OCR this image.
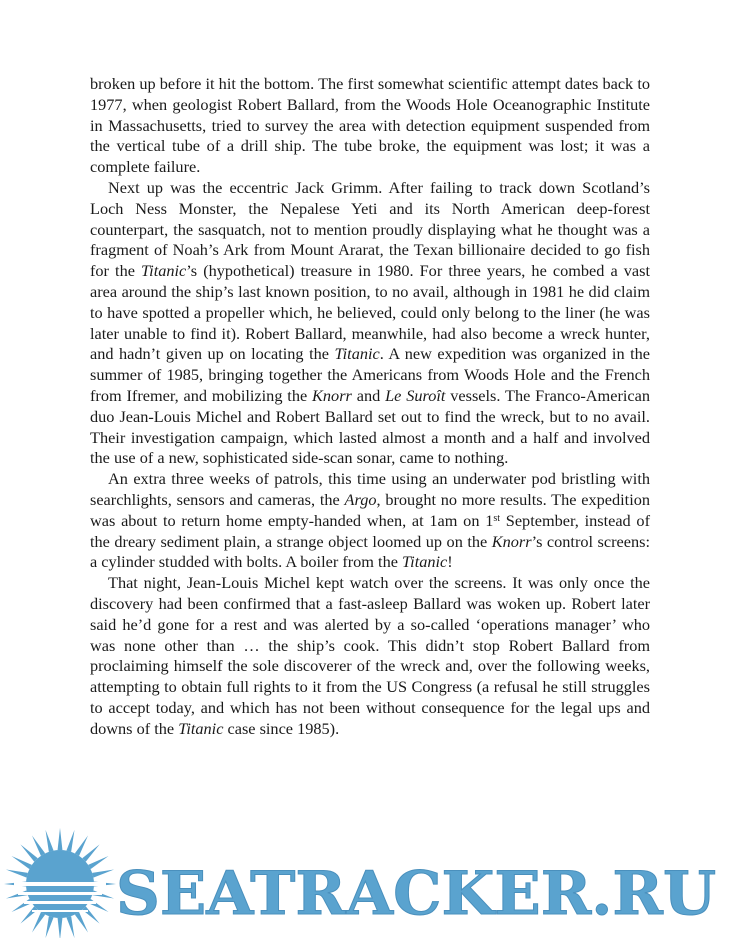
broken up before it hit the bottom. The first somewhat scientific attempt dates back to 1977, when geologist Robert Ballard, from the Woods Hole Oceanographic Institute in Massachusetts, tried to survey the area with detection equipment suspended from the vertical tube of a drill ship. The tube broke, the equipment was lost; it was a complete failure.

Next up was the eccentric Jack Grimm. After failing to track down Scotland’s Loch Ness Monster, the Nepalese Yeti and its North American deep-forest counterpart, the sasquatch, not to mention proudly displaying what he thought was a fragment of Noah’s Ark from Mount Ararat, the Texan billionaire decided to go fish for the Titanic’s (hypothetical) treasure in 1980. For three years, he combed a vast area around the ship’s last known position, to no avail, although in 1981 he did claim to have spotted a propeller which, he believed, could only belong to the liner (he was later unable to find it). Robert Ballard, meanwhile, had also become a wreck hunter, and hadn’t given up on locating the Titanic. A new expedition was organized in the summer of 1985, bringing together the Americans from Woods Hole and the French from Ifremer, and mobilizing the Knorr and Le Suroît vessels. The Franco-American duo Jean-Louis Michel and Robert Ballard set out to find the wreck, but to no avail. Their investigation campaign, which lasted almost a month and a half and involved the use of a new, sophisticated side-scan sonar, came to nothing.

An extra three weeks of patrols, this time using an underwater pod bristling with searchlights, sensors and cameras, the Argo, brought no more results. The expedition was about to return home empty-handed when, at 1am on 1st September, instead of the dreary sediment plain, a strange object loomed up on the Knorr’s control screens: a cylinder studded with bolts. A boiler from the Titanic!

That night, Jean-Louis Michel kept watch over the screens. It was only once the discovery had been confirmed that a fast-asleep Ballard was woken up. Robert later said he’d gone for a rest and was alerted by a so-called ‘operations manager’ who was none other than … the ship’s cook. This didn’t stop Robert Ballard from proclaiming himself the sole discoverer of the wreck and, over the following weeks, attempting to obtain full rights to it from the US Congress (a refusal he still struggles to accept today, and which has not been without consequence for the legal ups and downs of the Titanic case since 1985).

SEATRACKER.RU
